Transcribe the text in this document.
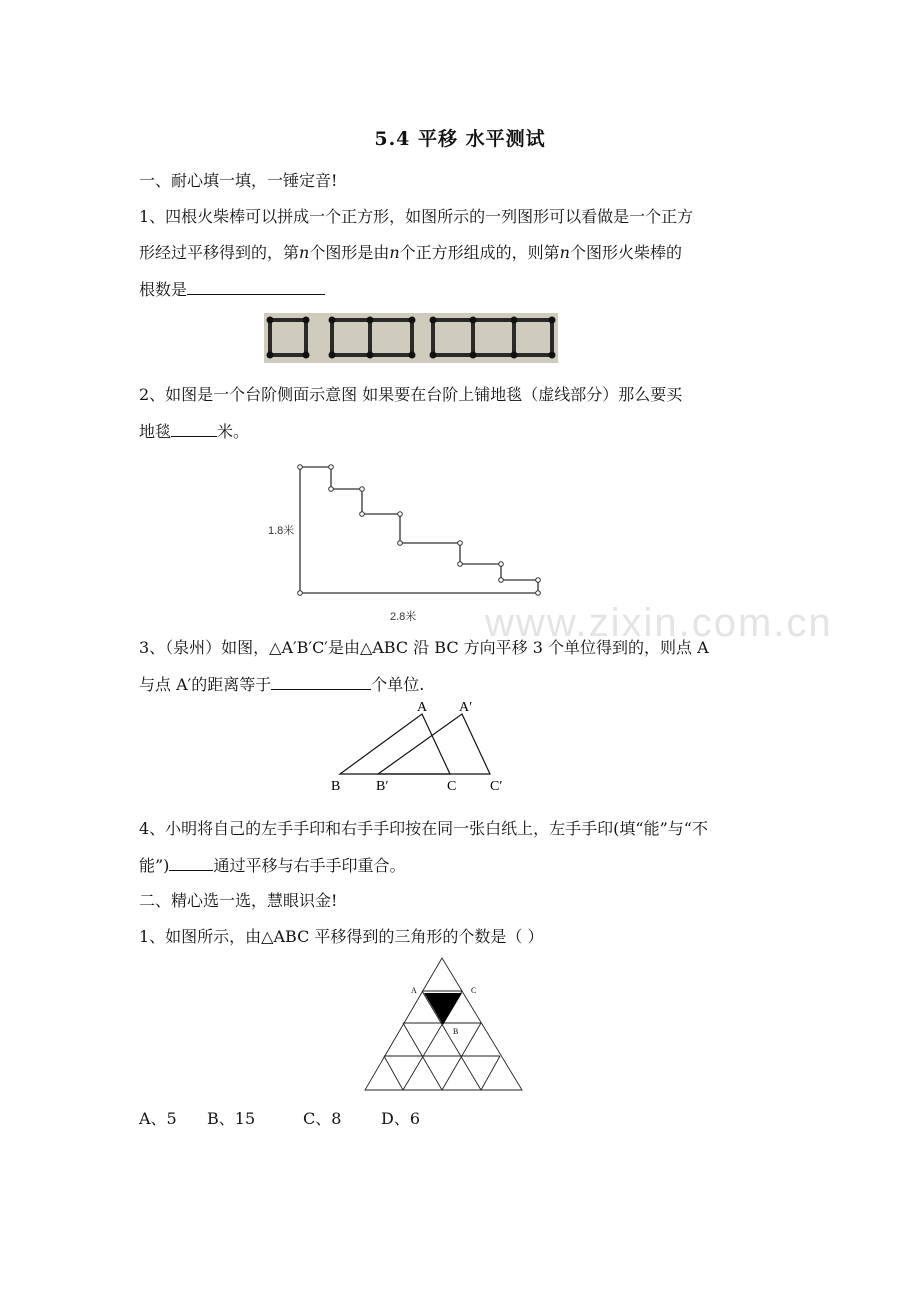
5.4 平移 水平测试
一、耐心填一填，一锤定音!
1、四根火柴棒可以拼成一个正方形，如图所示的一列图形可以看做是一个正方
形经过平移得到的，第n个图形是由n个正方形组成的，则第n个图形火柴棒的
根数是
2、如图是一个台阶侧面示意图 如果要在台阶上铺地毯（虚线部分）那么要买
地毯	米。
1.8米
2.8米 www.zixin.com.cn
3、（泉州）如图，△A′B′C′是由△ABC 沿 BC 方向平移 3 个单位得到的，则点 A
与点 A′的距离等于	个单位.
A A′
B	B′	C C′
4、小明将自己的左手手印和右手手印按在同一张白纸上，左手手印(填“能”与“不
能”)	通过平移与右手手印重合。
二、精心选一选，慧眼识金!
1、如图所示，由△ABC 平移得到的三角形的个数是（ ）
A	C
B
A、5 B、15	C、8 D、6
